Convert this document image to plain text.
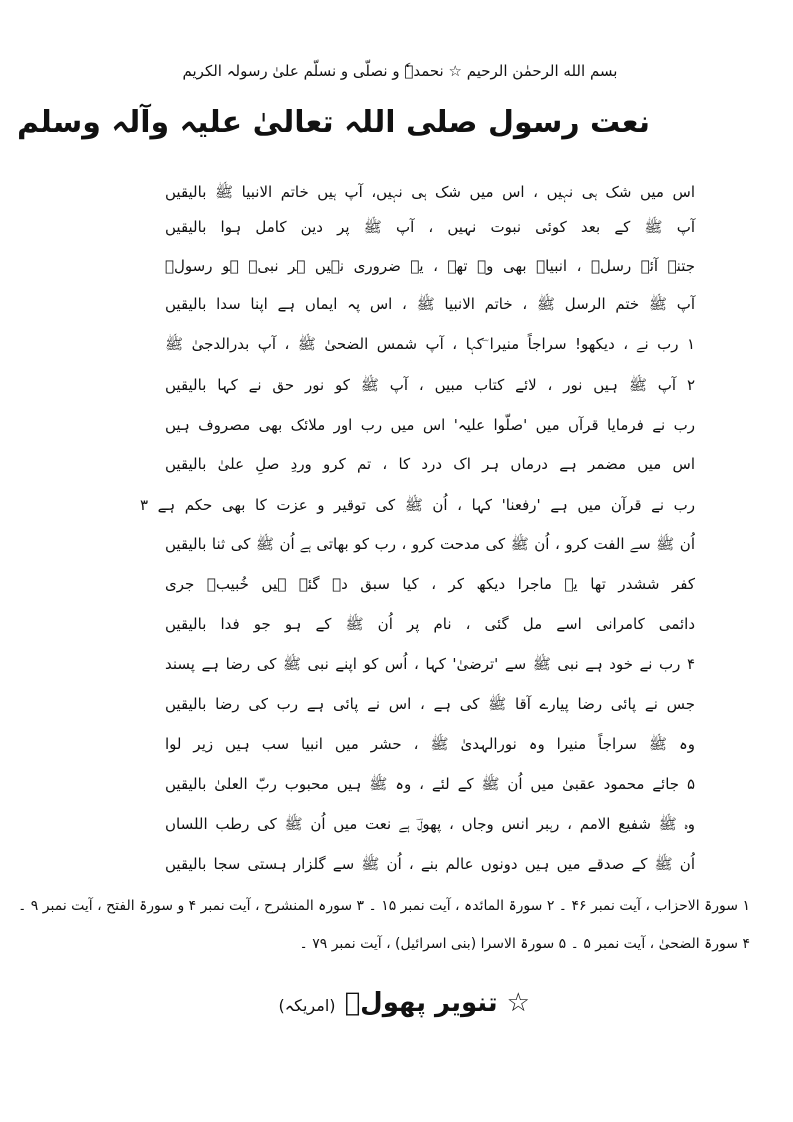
بسم الله الرحمٰن الرحیم ☆ نحمدہٗ و نصلّی و نسلّم علیٰ رسولہ الکریم
نعت رسول صلی اللہ تعالیٰ علیہ وآلہ وسلم
اس میں شک ہی نہیں ، اس میں شک ہی نہیں، آپ ہیں خاتم الانبیا ﷺ بالیقیں
آپ ﷺ کے بعد کوئی نبوت نہیں ، آپ ﷺ پر دین کامل ہوا بالیقیں
جتنے آئے رسلؑ ، انبیاؑ بھی وہ تھے ، یہ ضروری نہیں ہر نبیؑ ہو رسولؑ
آپ ﷺ ختم الرسل ﷺ ، خاتم الانبیا ﷺ ، اس پہ ایماں ہے اپنا سدا بالیقیں
۱ رب نے ، دیکھو! سراجاً منیرا ؔکہا ، آپ شمس الضحیٰ ﷺ ، آپ بدرالدجیٰ ﷺ
۲ آپ ﷺ ہیں نور ، لائے کتاب مبیں ، آپ ﷺ کو نور حق نے کہا بالیقیں
رب نے فرمایا قرآں میں 'صلّوا علیہ' اس میں رب اور ملائک بھی مصروف ہیں
اس میں مضمر ہے درماں ہر اک درد کا ، تم کرو وردِ صلِ علیٰ بالیقیں
رب نے قرآن میں ہے 'رفعنا' کہا ، اُن ﷺ کی توقیر و عزت کا بھی حکم ہے ۳
اُن ﷺ سے الفت کرو ، اُن ﷺ کی مدحت کرو ، رب کو بھاتی ہے اُن ﷺ کی ثنا بالیقیں
کفر ششدر تھا یہ ماجرا دیکھ کر ، کیا سبق دے گئے ہیں خُبیبؓ جری
دائمی کامرانی اسے مل گئی ، نام پر اُن ﷺ کے ہو جو فدا بالیقیں
۴ رب نے خود ہے نبی ﷺ سے 'ترضیٰ' کہا ، اُس کو اپنے نبی ﷺ کی رضا ہے پسند
جس نے پائی رضا پیارے آقا ﷺ کی ہے ، اس نے پائی ہے رب کی رضا بالیقیں
وہ ﷺ سراجاً منیرا وہ نورالہدیٰ ﷺ ، حشر میں انبیا سب ہیں زیر لوا
۵ جائے محمود عقبیٰ میں اُن ﷺ کے لئے ، وہ ﷺ ہیں محبوب ربّ العلیٰ بالیقیں
وہ ﷺ شفیع الامم ، رہبر انس وجاں ، پھولؔ ہے نعت میں اُن ﷺ کی رطب اللساں
اُن ﷺ کے صدقے میں ہیں دونوں عالم بنے ، اُن ﷺ سے گلزار ہستی سجا بالیقیں
۱ سورۃ الاحزاب ، آیت نمبر ۴۶ ۔ ۲ سورۃ المائدہ ، آیت نمبر ۱۵ ۔ ۳ سورہ المنشرح ، آیت نمبر ۴ و سورۃ الفتح ، آیت نمبر ۹ ۔
۴ سورۃ الضحیٰ ، آیت نمبر ۵ ۔ ۵ سورۃ الاسرا (بنی اسرائیل) ، آیت نمبر ۷۹ ۔
☆ تنویر پھولؔ (امریکہ)
